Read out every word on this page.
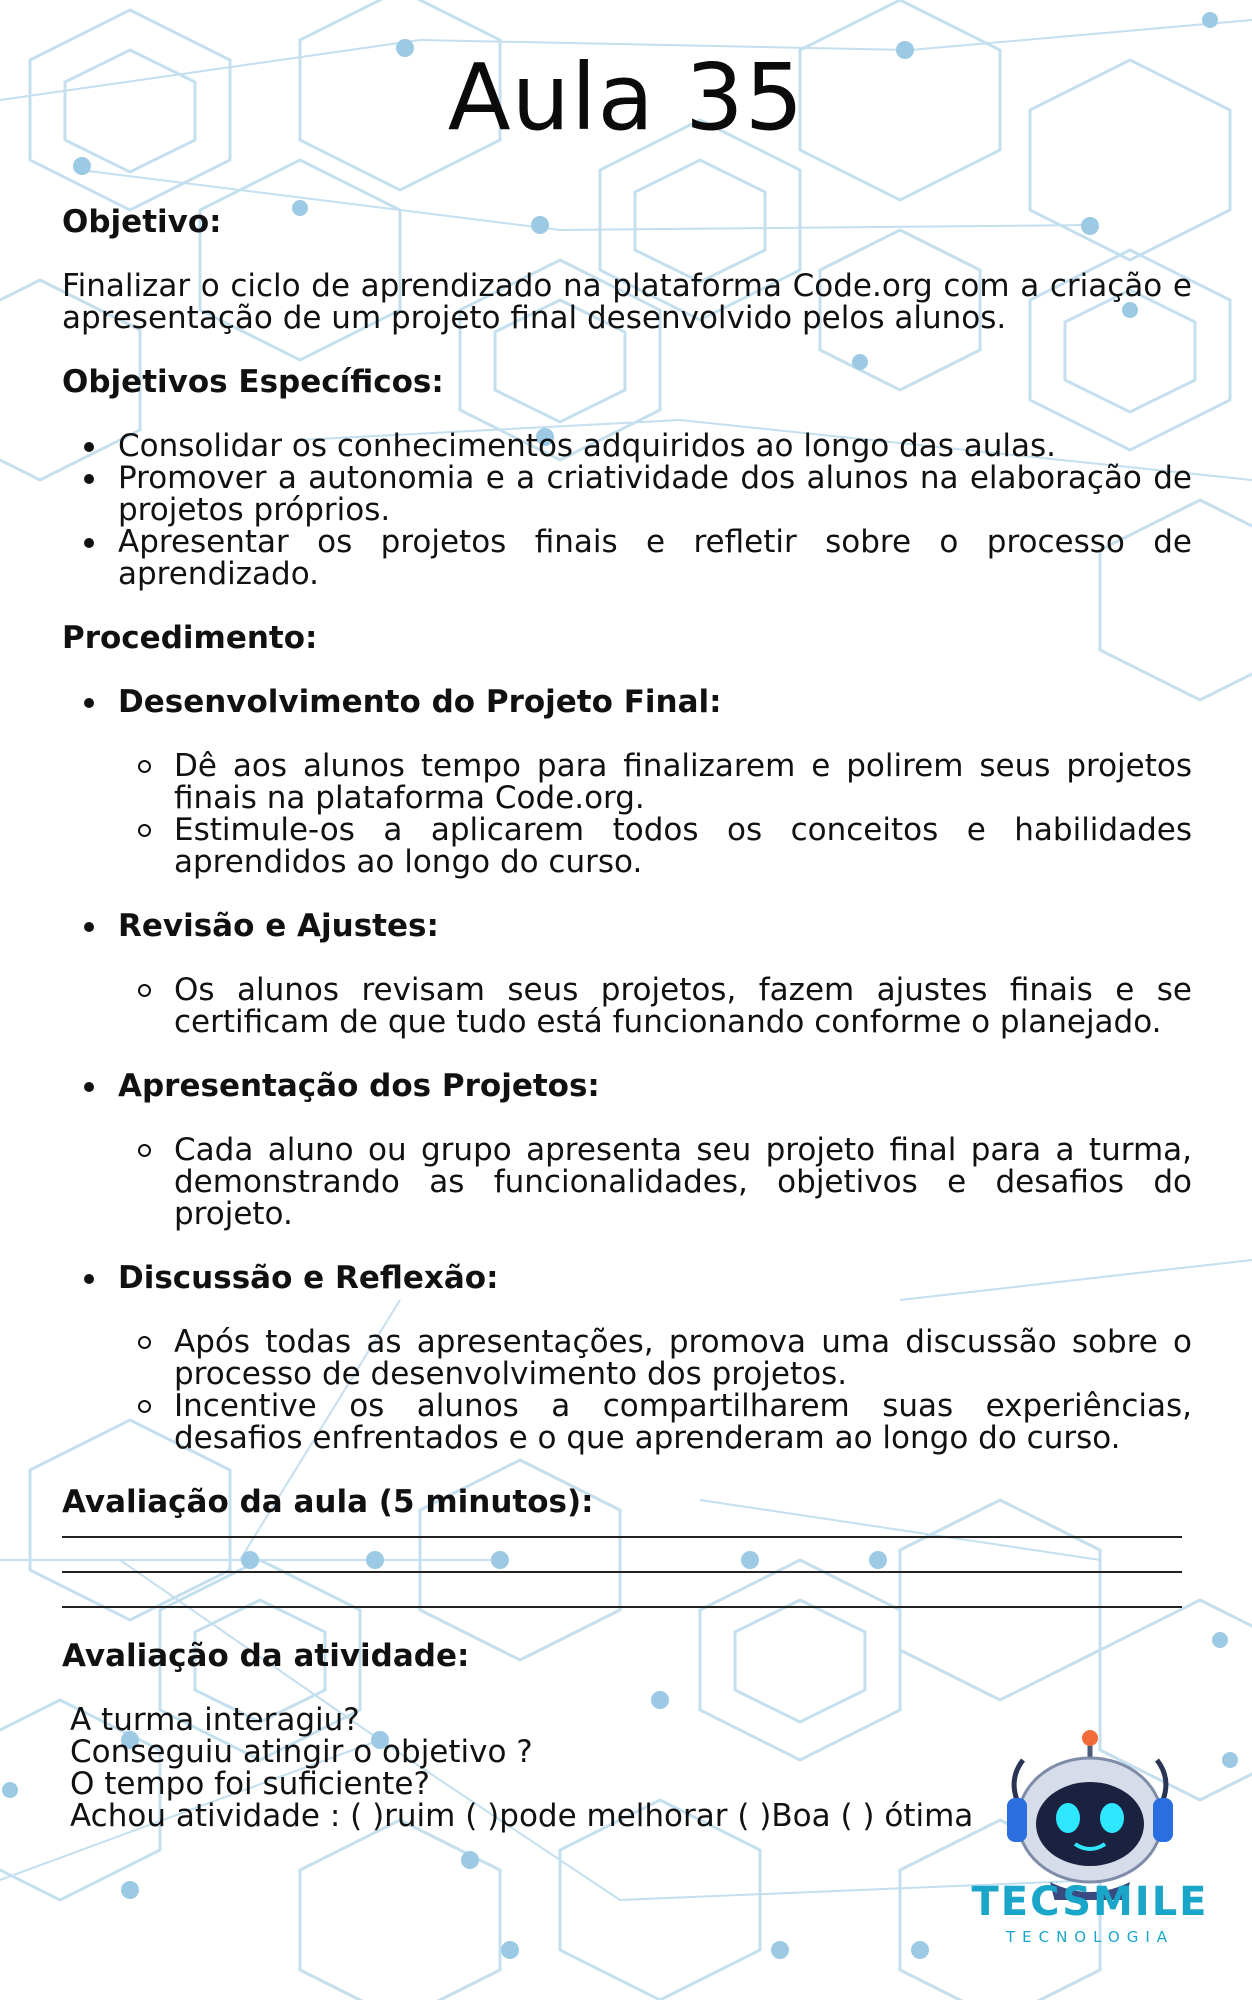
Aula 35
Objetivo:
Finalizar o ciclo de aprendizado na plataforma Code.org com a criação e apresentação de um projeto final desenvolvido pelos alunos.
Objetivos Específicos:
Consolidar os conhecimentos adquiridos ao longo das aulas.
Promover a autonomia e a criatividade dos alunos na elaboração de projetos próprios.
Apresentar os projetos finais e refletir sobre o processo de aprendizado.
Procedimento:
Desenvolvimento do Projeto Final:
Dê aos alunos tempo para finalizarem e polirem seus projetos finais na plataforma Code.org.
Estimule-os a aplicarem todos os conceitos e habilidades aprendidos ao longo do curso.
Revisão e Ajustes:
Os alunos revisam seus projetos, fazem ajustes finais e se certificam de que tudo está funcionando conforme o planejado.
Apresentação dos Projetos:
Cada aluno ou grupo apresenta seu projeto final para a turma, demonstrando as funcionalidades, objetivos e desafios do projeto.
Discussão e Reflexão:
Após todas as apresentações, promova uma discussão sobre o processo de desenvolvimento dos projetos.
Incentive os alunos a compartilharem suas experiências, desafios enfrentados e o que aprenderam ao longo do curso.
Avaliação da aula (5 minutos):
Avaliação da atividade:
A turma interagiu?
Conseguiu atingir o objetivo ?
O tempo foi suficiente?
Achou atividade : ( )ruim ( )pode melhorar ( )Boa ( ) ótima
TECSMILE
TECNOLOGIA
